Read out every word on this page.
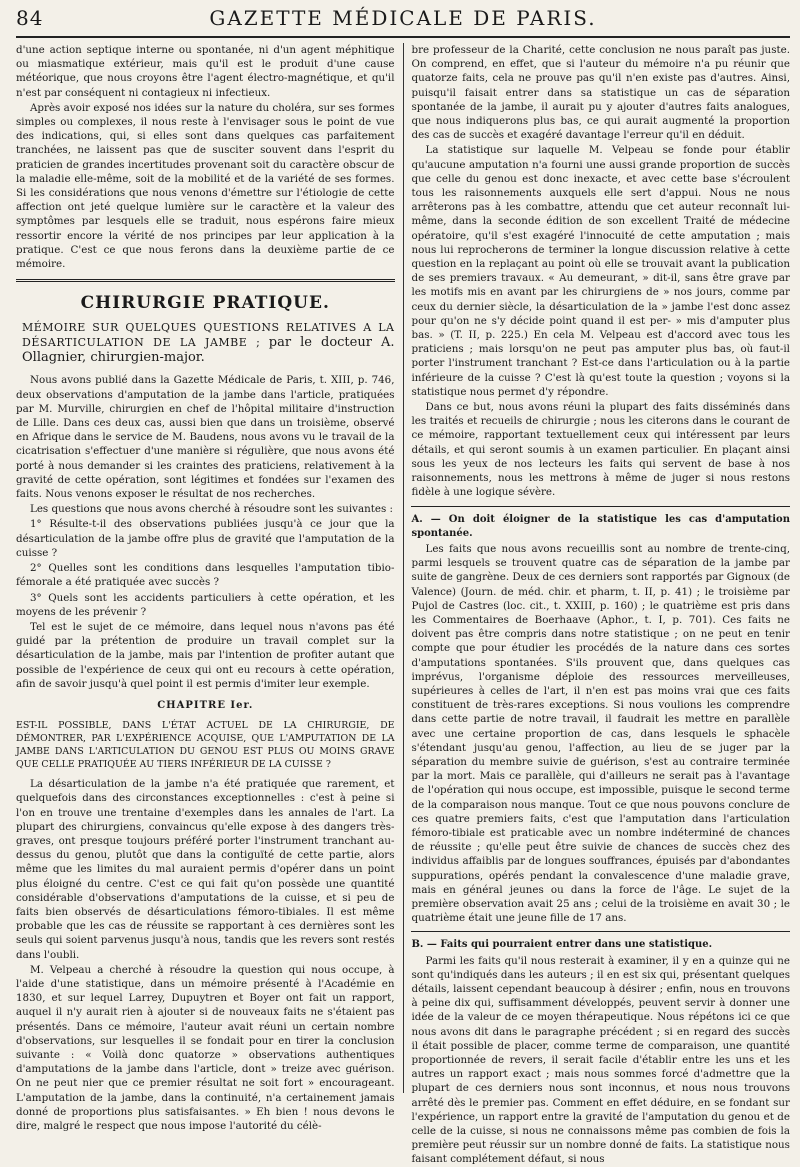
84	GAZETTE MÉDICALE DE PARIS.

d'une action septique interne ou spontanée, ni d'un agent méphitique ou miasmatique extérieur, mais qu'il est le produit d'une cause météorique, que nous croyons être l'agent électro-magnétique, et qu'il n'est par conséquent ni contagieux ni infectieux.

Après avoir exposé nos idées sur la nature du choléra, sur ses formes simples ou complexes, il nous reste à l'envisager sous le point de vue des indications, qui, si elles sont dans quelques cas parfaitement tranchées, ne laissent pas que de susciter souvent dans l'esprit du praticien de grandes incertitudes provenant soit du caractère obscur de la maladie elle-même, soit de la mobilité et de la variété de ses formes. Si les considérations que nous venons d'émettre sur l'étiologie de cette affection ont jeté quelque lumière sur le caractère et la valeur des symptômes par lesquels elle se traduit, nous espérons faire mieux ressortir encore la vérité de nos principes par leur application à la pratique. C'est ce que nous ferons dans la deuxième partie de ce mémoire.

CHIRURGIE PRATIQUE.
MÉMOIRE SUR QUELQUES QUESTIONS RELATIVES A LA DÉSARTICULATION DE LA JAMBE ; par le docteur A. Ollagnier, chirurgien-major.

Nous avons publié dans la Gazette Médicale de Paris, t. XIII, p. 746, deux observations d'amputation de la jambe dans l'article, pratiquées par M. Murville, chirurgien en chef de l'hôpital militaire d'instruction de Lille. Dans ces deux cas, aussi bien que dans un troisième, observé en Afrique dans le service de M. Baudens, nous avons vu le travail de la cicatrisation s'effectuer d'une manière si régulière, que nous avons été porté à nous demander si les craintes des praticiens, relativement à la gravité de cette opération, sont légitimes et fondées sur l'examen des faits. Nous venons exposer le résultat de nos recherches.

Les questions que nous avons cherché à résoudre sont les suivantes :

1° Résulte-t-il des observations publiées jusqu'à ce jour que la désarticulation de la jambe offre plus de gravité que l'amputation de la cuisse ?

2° Quelles sont les conditions dans lesquelles l'amputation tibio-fémorale a été pratiquée avec succès ?

3° Quels sont les accidents particuliers à cette opération, et les moyens de les prévenir ?

Tel est le sujet de ce mémoire, dans lequel nous n'avons pas été guidé par la prétention de produire un travail complet sur la désarticulation de la jambe, mais par l'intention de profiter autant que possible de l'expérience de ceux qui ont eu recours à cette opération, afin de savoir jusqu'à quel point il est permis d'imiter leur exemple.

CHAPITRE Ier.

EST-IL POSSIBLE, DANS L'ÉTAT ACTUEL DE LA CHIRURGIE, DE DÉMONTRER, PAR L'EXPÉRIENCE ACQUISE, QUE L'AMPUTATION DE LA JAMBE DANS L'ARTICULATION DU GENOU EST PLUS OU MOINS GRAVE QUE CELLE PRATIQUÉE AU TIERS INFÉRIEUR DE LA CUISSE ?

La désarticulation de la jambe n'a été pratiquée que rarement, et quelquefois dans des circonstances exceptionnelles : c'est à peine si l'on en trouve une trentaine d'exemples dans les annales de l'art. La plupart des chirurgiens, convaincus qu'elle expose à des dangers très-graves, ont presque toujours préféré porter l'instrument tranchant au-dessus du genou, plutôt que dans la contiguïté de cette partie, alors même que les limites du mal auraient permis d'opérer dans un point plus éloigné du centre. C'est ce qui fait qu'on possède une quantité considérable d'observations d'amputations de la cuisse, et si peu de faits bien observés de désarticulations fémoro-tibiales. Il est même probable que les cas de réussite se rapportant à ces dernières sont les seuls qui soient parvenus jusqu'à nous, tandis que les revers sont restés dans l'oubli.

M. Velpeau a cherché à résoudre la question qui nous occupe, à l'aide d'une statistique, dans un mémoire présenté à l'Académie en 1830, et sur lequel Larrey, Dupuytren et Boyer ont fait un rapport, auquel il n'y aurait rien à ajouter si de nouveaux faits ne s'étaient pas présentés. Dans ce mémoire, l'auteur avait réuni un certain nombre d'observations, sur lesquelles il se fondait pour en tirer la conclusion suivante : « Voilà donc quatorze » observations authentiques d'amputations de la jambe dans l'article, dont » treize avec guérison. On ne peut nier que ce premier résultat ne soit fort » encourageant. L'amputation de la jambe, dans la continuité, n'a certainement jamais donné de proportions plus satisfaisantes. » Eh bien ! nous devons le dire, malgré le respect que nous impose l'autorité du célè-

bre professeur de la Charité, cette conclusion ne nous paraît pas juste. On comprend, en effet, que si l'auteur du mémoire n'a pu réunir que quatorze faits, cela ne prouve pas qu'il n'en existe pas d'autres. Ainsi, puisqu'il faisait entrer dans sa statistique un cas de séparation spontanée de la jambe, il aurait pu y ajouter d'autres faits analogues, que nous indiquerons plus bas, ce qui aurait augmenté la proportion des cas de succès et exagéré davantage l'erreur qu'il en déduit.

La statistique sur laquelle M. Velpeau se fonde pour établir qu'aucune amputation n'a fourni une aussi grande proportion de succès que celle du genou est donc inexacte, et avec cette base s'écroulent tous les raisonnements auxquels elle sert d'appui. Nous ne nous arrêterons pas à les combattre, attendu que cet auteur reconnaît lui-même, dans la seconde édition de son excellent Traité de médecine opératoire, qu'il s'est exagéré l'innocuité de cette amputation ; mais nous lui reprocherons de terminer la longue discussion relative à cette question en la replaçant au point où elle se trouvait avant la publication de ses premiers travaux. « Au demeurant, » dit-il, sans être grave par les motifs mis en avant par les chirurgiens de » nos jours, comme par ceux du dernier siècle, la désarticulation de la » jambe l'est donc assez pour qu'on ne s'y décide point quand il est per- » mis d'amputer plus bas. » (T. II, p. 225.) En cela M. Velpeau est d'accord avec tous les praticiens ; mais lorsqu'on ne peut pas amputer plus bas, où faut-il porter l'instrument tranchant ? Est-ce dans l'articulation ou à la partie inférieure de la cuisse ? C'est là qu'est toute la question ; voyons si la statistique nous permet d'y répondre.

Dans ce but, nous avons réuni la plupart des faits disséminés dans les traités et recueils de chirurgie ; nous les citerons dans le courant de ce mémoire, rapportant textuellement ceux qui intéressent par leurs détails, et qui seront soumis à un examen particulier. En plaçant ainsi sous les yeux de nos lecteurs les faits qui servent de base à nos raisonnements, nous les mettrons à même de juger si nous restons fidèle à une logique sévère.

A. — On doit éloigner de la statistique les cas d'amputation spontanée.

Les faits que nous avons recueillis sont au nombre de trente-cinq, parmi lesquels se trouvent quatre cas de séparation de la jambe par suite de gangrène. Deux de ces derniers sont rapportés par Gignoux (de Valence) (Journ. de méd. chir. et pharm, t. II, p. 41) ; le troisième par Pujol de Castres (loc. cit., t. XXIII, p. 160) ; le quatrième est pris dans les Commentaires de Boerhaave (Aphor., t. I, p. 701). Ces faits ne doivent pas être compris dans notre statistique ; on ne peut en tenir compte que pour étudier les procédés de la nature dans ces sortes d'amputations spontanées. S'ils prouvent que, dans quelques cas imprévus, l'organisme déploie des ressources merveilleuses, supérieures à celles de l'art, il n'en est pas moins vrai que ces faits constituent de très-rares exceptions. Si nous voulions les comprendre dans cette partie de notre travail, il faudrait les mettre en parallèle avec une certaine proportion de cas, dans lesquels le sphacèle s'étendant jusqu'au genou, l'affection, au lieu de se juger par la séparation du membre suivie de guérison, s'est au contraire terminée par la mort. Mais ce parallèle, qui d'ailleurs ne serait pas à l'avantage de l'opération qui nous occupe, est impossible, puisque le second terme de la comparaison nous manque. Tout ce que nous pouvons conclure de ces quatre premiers faits, c'est que l'amputation dans l'articulation fémoro-tibiale est praticable avec un nombre indéterminé de chances de réussite ; qu'elle peut être suivie de chances de succès chez des individus affaiblis par de longues souffrances, épuisés par d'abondantes suppurations, opérés pendant la convalescence d'une maladie grave, mais en général jeunes ou dans la force de l'âge. Le sujet de la première observation avait 25 ans ; celui de la troisième en avait 30 ; le quatrième était une jeune fille de 17 ans.

B. — Faits qui pourraient entrer dans une statistique.

Parmi les faits qu'il nous resterait à examiner, il y en a quinze qui ne sont qu'indiqués dans les auteurs ; il en est six qui, présentant quelques détails, laissent cependant beaucoup à désirer ; enfin, nous en trouvons à peine dix qui, suffisamment développés, peuvent servir à donner une idée de la valeur de ce moyen thérapeutique. Nous répétons ici ce que nous avons dit dans le paragraphe précédent ; si en regard des succès il était possible de placer, comme terme de comparaison, une quantité proportionnée de revers, il serait facile d'établir entre les uns et les autres un rapport exact ; mais nous sommes forcé d'admettre que la plupart de ces derniers nous sont inconnus, et nous nous trouvons arrêté dès le premier pas. Comment en effet déduire, en se fondant sur l'expérience, un rapport entre la gravité de l'amputation du genou et de celle de la cuisse, si nous ne connaissons même pas combien de fois la première peut réussir sur un nombre donné de faits. La statistique nous faisant complétement défaut, si nous
